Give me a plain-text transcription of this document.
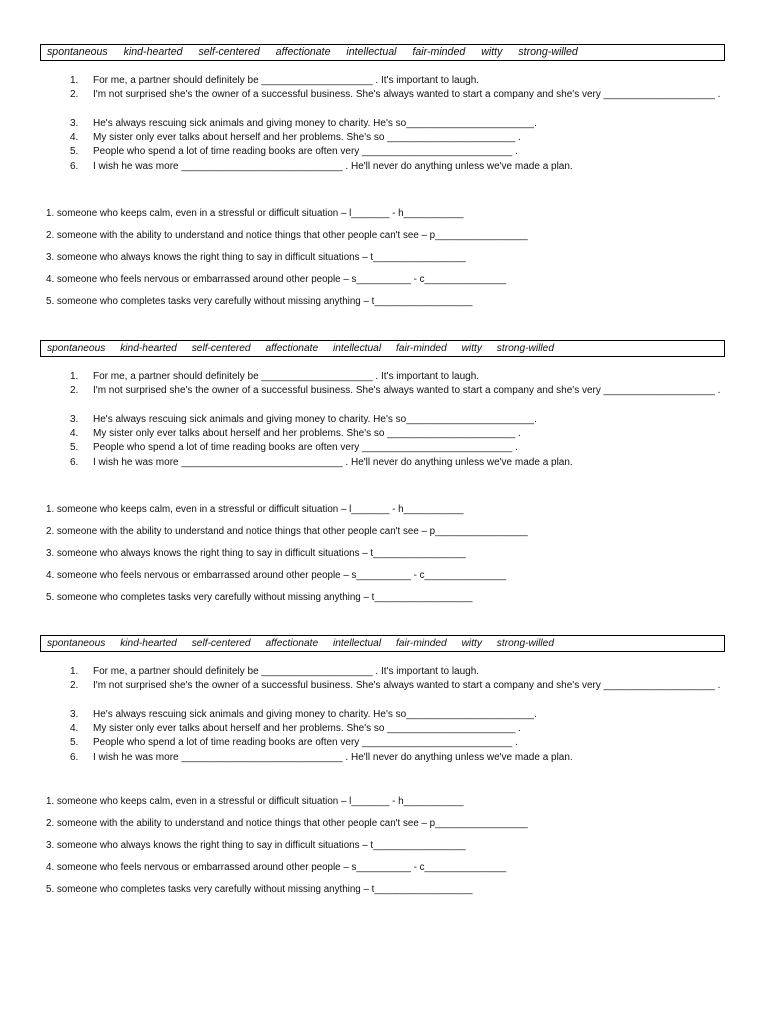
spontaneous kind-hearted self-centered affectionate intellectual fair-minded witty strong-willed
1. For me, a partner should definitely be ____________________ . It's important to laugh.
2. I'm not surprised she's the owner of a successful business. She's always wanted to start a company and she's very ____________________ .
3. He's always rescuing sick animals and giving money to charity. He's so_______________________.
4. My sister only ever talks about herself and her problems. She's so _______________________ .
5. People who spend a lot of time reading books are often very ___________________________ .
6. I wish he was more _____________________________ . He'll never do anything unless we've made a plan.
1. someone who keeps calm, even in a stressful or difficult situation – l_______ - h___________
2. someone with the ability to understand and notice things that other people can't see – p_________________
3. someone who always knows the right thing to say in difficult situations – t_________________
4. someone who feels nervous or embarrassed around other people – s__________ - c_______________
5. someone who completes tasks very carefully without missing anything – t__________________
spontaneous kind-hearted self-centered affectionate intellectual fair-minded witty strong-willed
1. For me, a partner should definitely be ____________________ . It's important to laugh.
2. I'm not surprised she's the owner of a successful business. She's always wanted to start a company and she's very ____________________ .
3. He's always rescuing sick animals and giving money to charity. He's so_______________________.
4. My sister only ever talks about herself and her problems. She's so _______________________ .
5. People who spend a lot of time reading books are often very ___________________________ .
6. I wish he was more _____________________________ . He'll never do anything unless we've made a plan.
1. someone who keeps calm, even in a stressful or difficult situation – l_______ - h___________
2. someone with the ability to understand and notice things that other people can't see – p_________________
3. someone who always knows the right thing to say in difficult situations – t_________________
4. someone who feels nervous or embarrassed around other people – s__________ - c_______________
5. someone who completes tasks very carefully without missing anything – t__________________
spontaneous kind-hearted self-centered affectionate intellectual fair-minded witty strong-willed
1. For me, a partner should definitely be ____________________ . It's important to laugh.
2. I'm not surprised she's the owner of a successful business. She's always wanted to start a company and she's very ____________________ .
3. He's always rescuing sick animals and giving money to charity. He's so_______________________.
4. My sister only ever talks about herself and her problems. She's so _______________________ .
5. People who spend a lot of time reading books are often very ___________________________ .
6. I wish he was more _____________________________ . He'll never do anything unless we've made a plan.
1. someone who keeps calm, even in a stressful or difficult situation – l_______ - h___________
2. someone with the ability to understand and notice things that other people can't see – p_________________
3. someone who always knows the right thing to say in difficult situations – t_________________
4. someone who feels nervous or embarrassed around other people – s__________ - c_______________
5. someone who completes tasks very carefully without missing anything – t__________________
